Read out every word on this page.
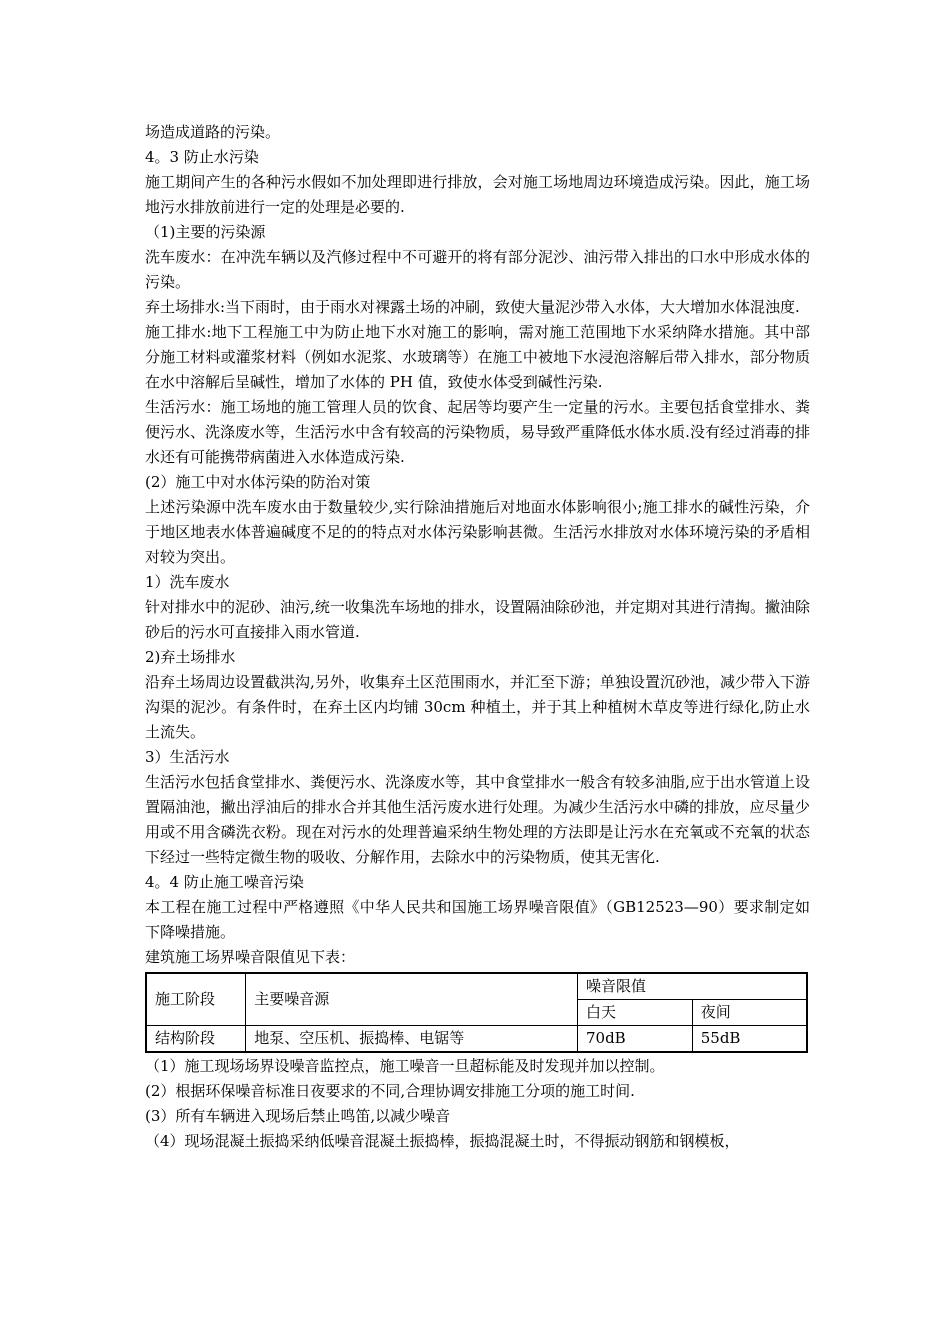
场造成道路的污染。

4。3 防止水污染

施工期间产生的各种污水假如不加处理即进行排放，会对施工场地周边环境造成污染。因此，施工场地污水排放前进行一定的处理是必要的.

（1)主要的污染源

洗车废水：在冲洗车辆以及汽修过程中不可避开的将有部分泥沙、油污带入排出的口水中形成水体的污染。

弃土场排水:当下雨时，由于雨水对裸露土场的冲刷，致使大量泥沙带入水体，大大增加水体混浊度.

施工排水:地下工程施工中为防止地下水对施工的影响，需对施工范围地下水采纳降水措施。其中部分施工材料或灌浆材料（例如水泥浆、水玻璃等）在施工中被地下水浸泡溶解后带入排水，部分物质在水中溶解后呈碱性，增加了水体的 PH 值，致使水体受到碱性污染.

生活污水：施工场地的施工管理人员的饮食、起居等均要产生一定量的污水。主要包括食堂排水、粪便污水、洗涤废水等，生活污水中含有较高的污染物质，易导致严重降低水体水质.没有经过消毒的排水还有可能携带病菌进入水体造成污染.

(2）施工中对水体污染的防治对策

上述污染源中洗车废水由于数量较少,实行除油措施后对地面水体影响很小;施工排水的碱性污染，介于地区地表水体普遍碱度不足的的特点对水体污染影响甚微。生活污水排放对水体环境污染的矛盾相对较为突出。

1）洗车废水

针对排水中的泥砂、油污,统一收集洗车场地的排水，设置隔油除砂池，并定期对其进行清掏。撇油除砂后的污水可直接排入雨水管道.

2)弃土场排水

沿弃土场周边设置截洪沟,另外，收集弃土区范围雨水，并汇至下游；单独设置沉砂池，减少带入下游沟渠的泥沙。有条件时，在弃土区内均铺 30cm 种植土，并于其上种植树木草皮等进行绿化,防止水土流失。

3）生活污水

生活污水包括食堂排水、粪便污水、洗涤废水等，其中食堂排水一般含有较多油脂,应于出水管道上设置隔油池，撇出浮油后的排水合并其他生活污废水进行处理。为减少生活污水中磷的排放，应尽量少用或不用含磷洗衣粉。现在对污水的处理普遍采纳生物处理的方法即是让污水在充氧或不充氧的状态下经过一些特定微生物的吸收、分解作用，去除水中的污染物质，使其无害化.

4。4 防止施工噪音污染

本工程在施工过程中严格遵照《中华人民共和国施工场界噪音限值》（GB12523—90）要求制定如下降噪措施。

建筑施工场界噪音限值见下表：

施工阶段	主要噪音源	噪音限值	
		白天	夜间
结构阶段	地泵、空压机、振捣棒、电锯等	70dB	55dB

（1）施工现场场界设噪音监控点，施工噪音一旦超标能及时发现并加以控制。

(2）根据环保噪音标准日夜要求的不同,合理协调安排施工分项的施工时间.

(3）所有车辆进入现场后禁止鸣笛,以减少噪音

（4）现场混凝土振捣采纳低噪音混凝土振捣棒，振捣混凝土时，不得振动钢筋和钢模板，
